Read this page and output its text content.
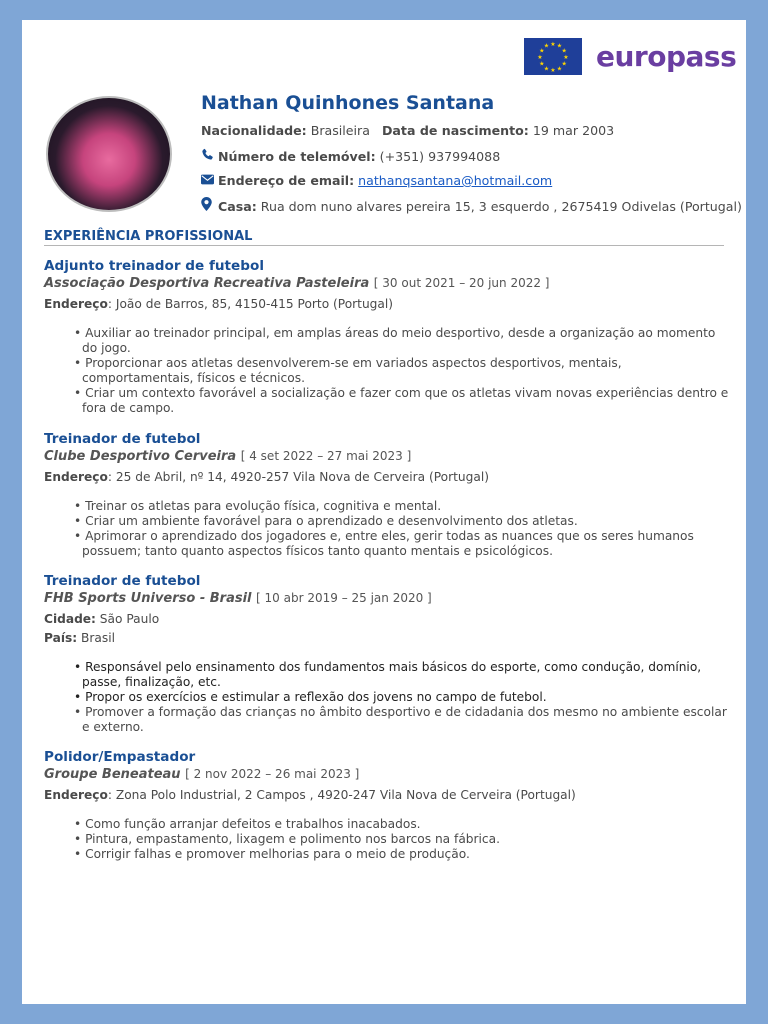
★ ★
★
★
★
★
★
★
★
★
★
★ europass
Nathan Quinhones Santana
Nacionalidade: Brasileira Data de nascimento: 19 mar 2003
Número de telemóvel: (+351) 937994088
Endereço de email: nathanqsantana@hotmail.com
Casa: Rua dom nuno alvares pereira 15, 3 esquerdo , 2675419 Odivelas (Portugal)
EXPERIÊNCIA PROFISSIONAL
Adjunto treinador de futebol
Associação Desportiva Recreativa Pasteleira [ 30 out 2021 – 20 jun 2022 ]
Endereço: João de Barros, 85, 4150-415 Porto (Portugal)
• Auxiliar ao treinador principal, em amplas áreas do meio desportivo, desde a organização ao momento do jogo.
• Proporcionar aos atletas desenvolverem-se em variados aspectos desportivos, mentais, comportamentais, físicos e técnicos.
• Criar um contexto favorável a socialização e fazer com que os atletas vivam novas experiências dentro e fora de campo.
Treinador de futebol
Clube Desportivo Cerveira [ 4 set 2022 – 27 mai 2023 ]
Endereço: 25 de Abril, nº 14, 4920-257 Vila Nova de Cerveira (Portugal)
• Treinar os atletas para evolução física, cognitiva e mental.
• Criar um ambiente favorável para o aprendizado e desenvolvimento dos atletas.
• Aprimorar o aprendizado dos jogadores e, entre eles, gerir todas as nuances que os seres humanos possuem; tanto quanto aspectos físicos tanto quanto mentais e psicológicos.
Treinador de futebol
FHB Sports Universo - Brasil [ 10 abr 2019 – 25 jan 2020 ]
Cidade: São Paulo
País: Brasil
• Responsável pelo ensinamento dos fundamentos mais básicos do esporte, como condução, domínio, passe, finalização, etc.
• Propor os exercícios e estimular a reflexão dos jovens no campo de futebol.
• Promover a formação das crianças no âmbito desportivo e de cidadania dos mesmo no ambiente escolar e externo.
Polidor/Empastador
Groupe Beneateau [ 2 nov 2022 – 26 mai 2023 ]
Endereço: Zona Polo Industrial, 2 Campos , 4920-247 Vila Nova de Cerveira (Portugal)
• Como função arranjar defeitos e trabalhos inacabados.
• Pintura, empastamento, lixagem e polimento nos barcos na fábrica.
• Corrigir falhas e promover melhorias para o meio de produção.
